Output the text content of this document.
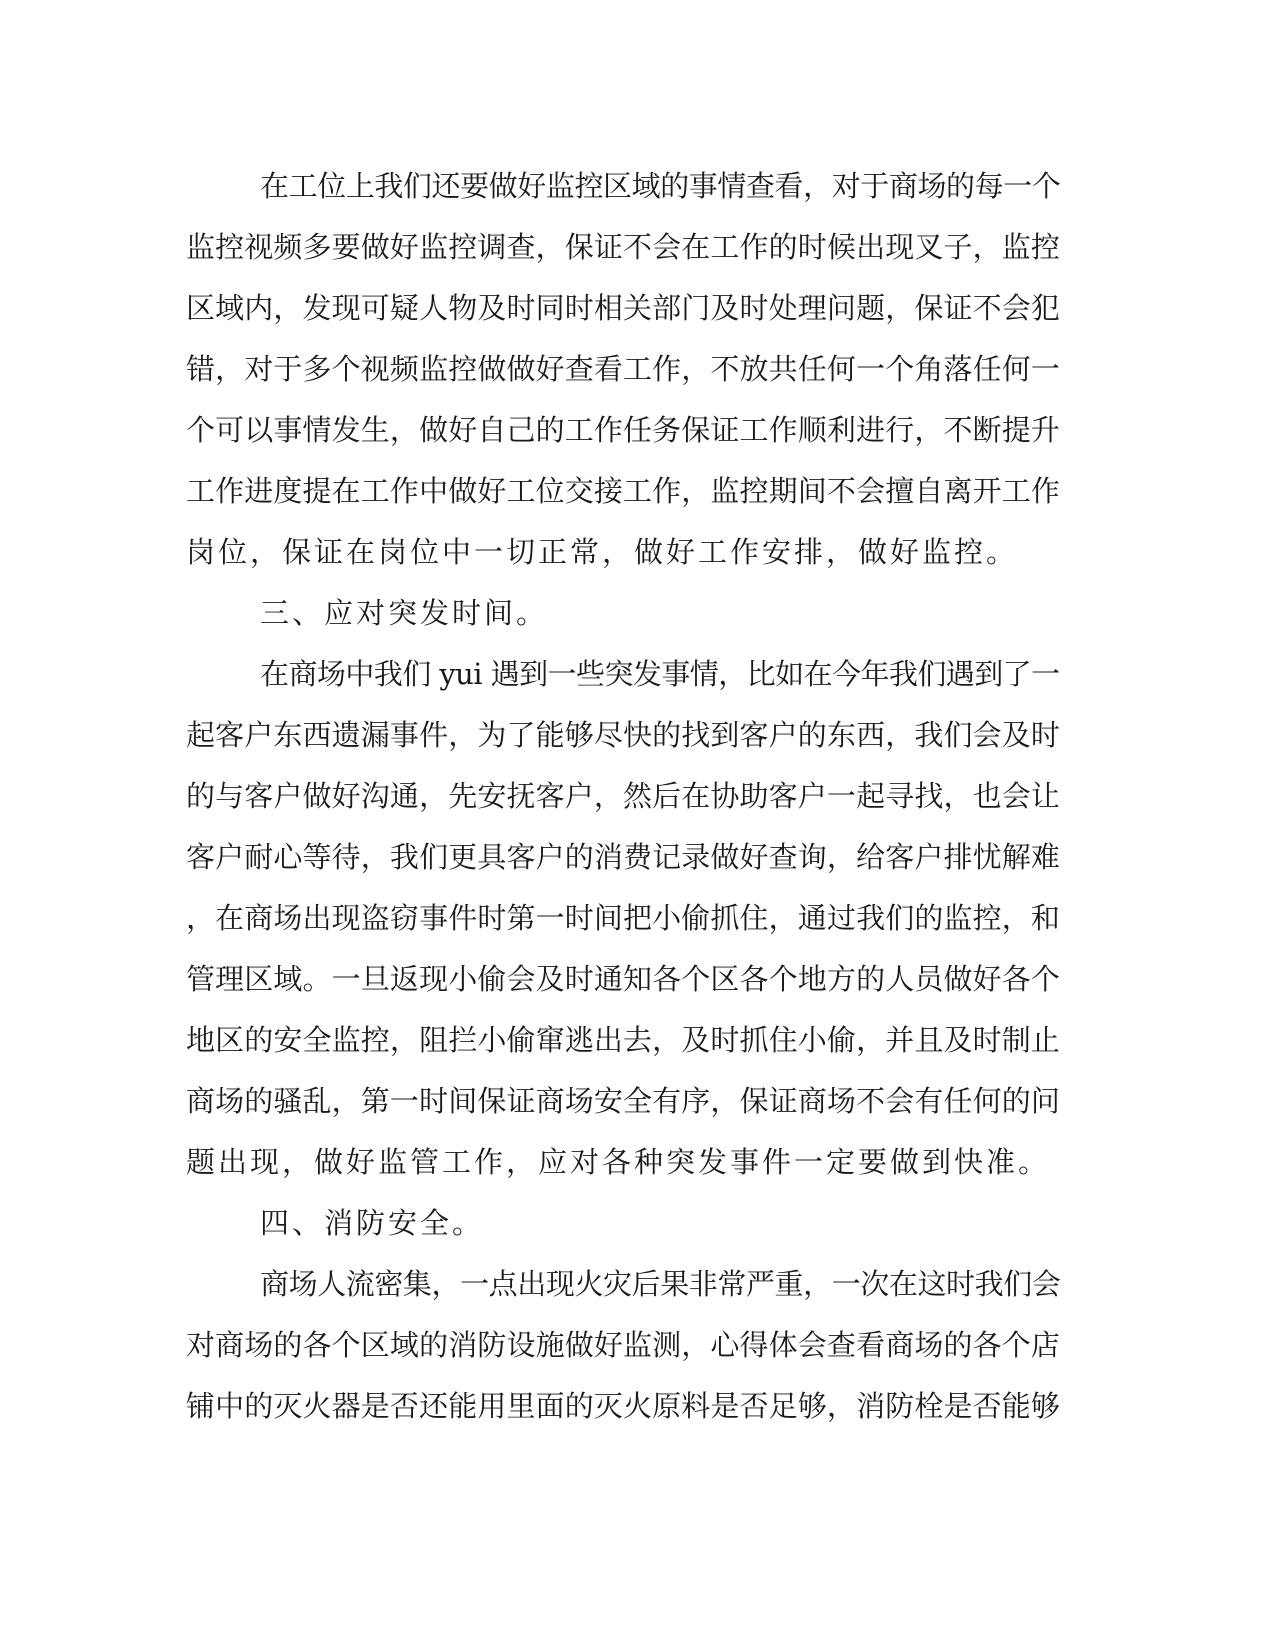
在工位上我们还要做好监控区域的事情查看，对于商场的每一个
监控视频多要做好监控调查，保证不会在工作的时候出现叉子，监控
区域内，发现可疑人物及时同时相关部门及时处理问题，保证不会犯
错，对于多个视频监控做做好查看工作，不放共任何一个角落任何一
个可以事情发生，做好自己的工作任务保证工作顺利进行，不断提升
工作进度提在工作中做好工位交接工作，监控期间不会擅自离开工作
岗位，保证在岗位中一切正常，做好工作安排，做好监控。
三、应对突发时间。
在商场中我们 yui 遇到一些突发事情，比如在今年我们遇到了一
起客户东西遗漏事件，为了能够尽快的找到客户的东西，我们会及时
的与客户做好沟通，先安抚客户，然后在协助客户一起寻找，也会让
客户耐心等待，我们更具客户的消费记录做好查询，给客户排忧解难
，在商场出现盗窃事件时第一时间把小偷抓住，通过我们的监控，和
管理区域。一旦返现小偷会及时通知各个区各个地方的人员做好各个
地区的安全监控，阻拦小偷窜逃出去，及时抓住小偷，并且及时制止
商场的骚乱，第一时间保证商场安全有序，保证商场不会有任何的问
题出现，做好监管工作，应对各种突发事件一定要做到快准。
四、消防安全。
商场人流密集，一点出现火灾后果非常严重，一次在这时我们会
对商场的各个区域的消防设施做好监测，心得体会查看商场的各个店
铺中的灭火器是否还能用里面的灭火原料是否足够，消防栓是否能够
